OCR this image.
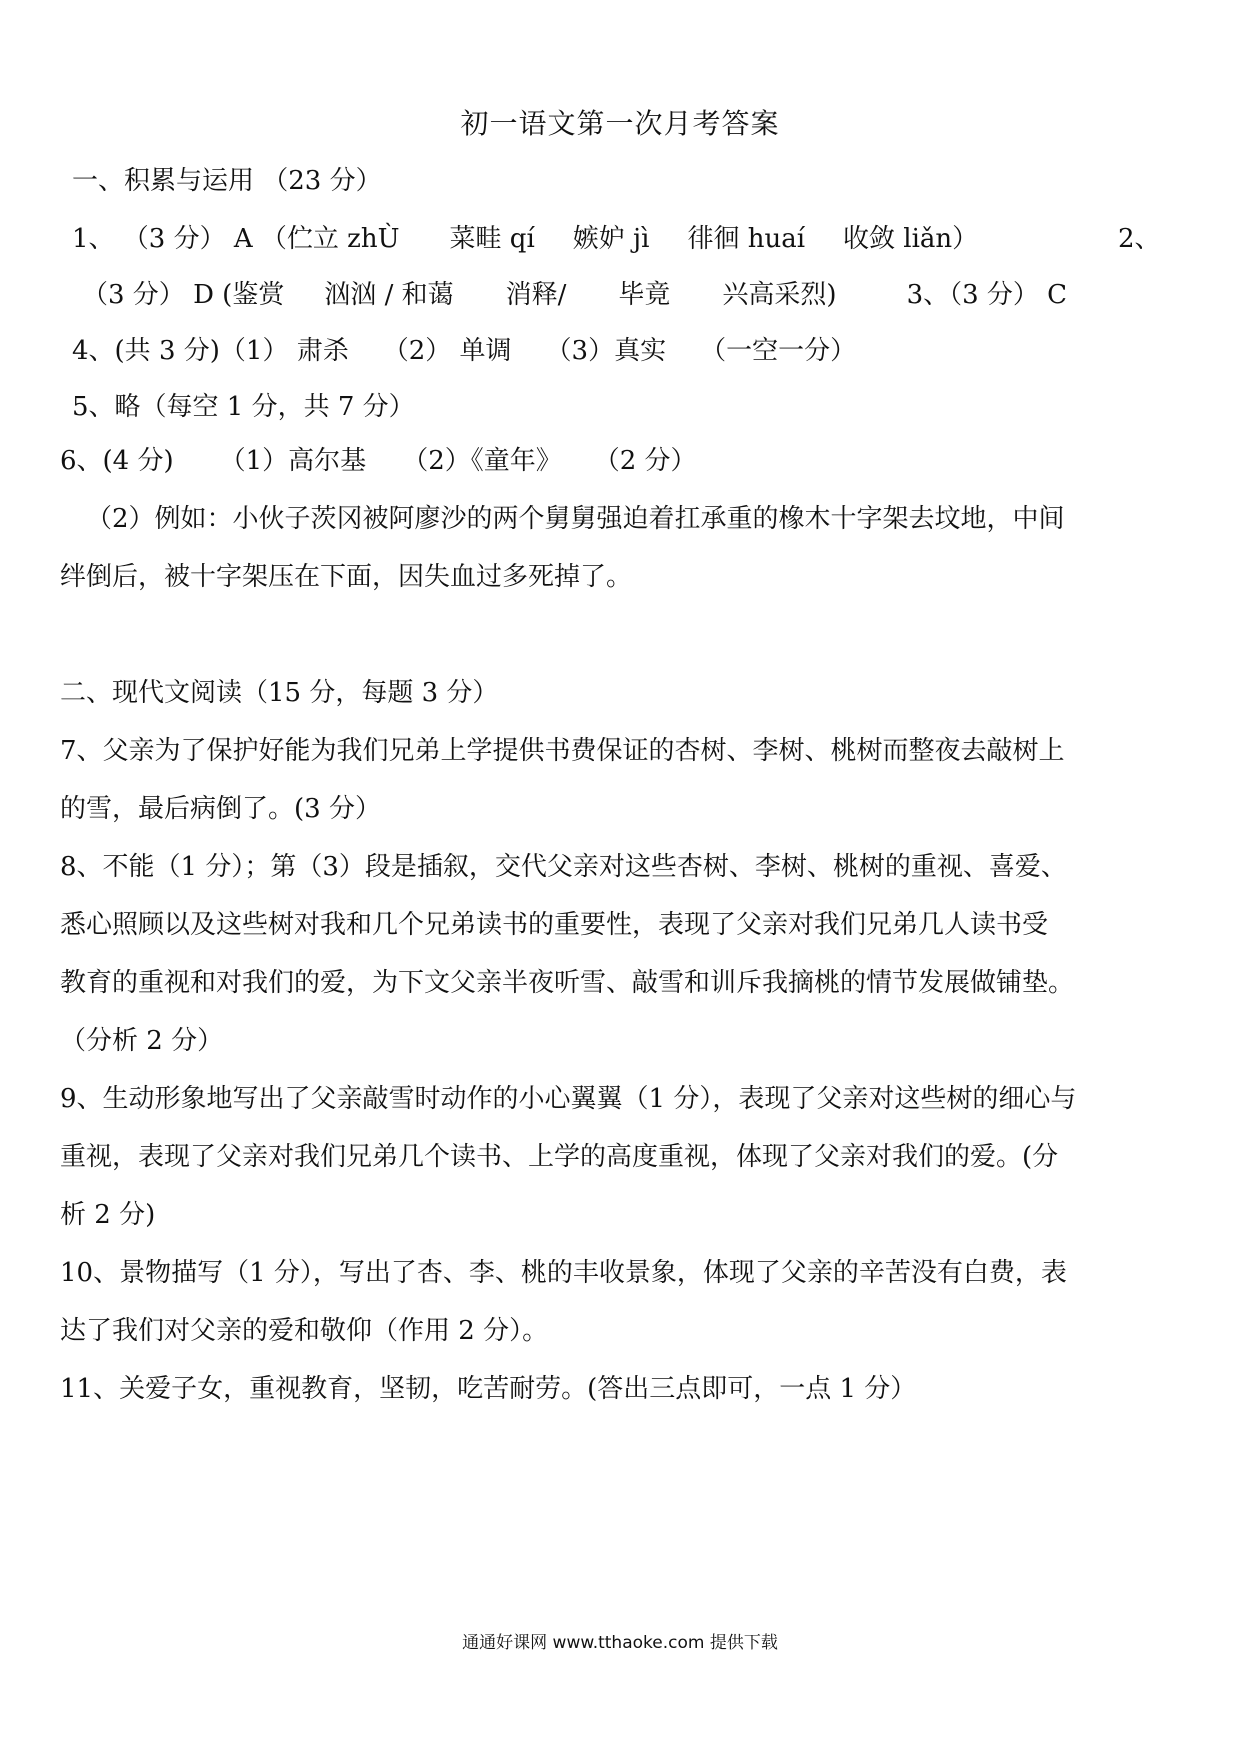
初一语文第一次月考答案
一、积累与运用 （23 分）
1、 （3 分） A （伫立 zhÙ 菜畦 qí 嫉妒 jì 徘徊 huaí 收敛 liǎn）	2、
（3 分） D (鉴赏 汹汹 / 和蔼 消释/ 毕竟 兴高采烈)	3、（3 分） C
4、(共 3 分)（1） 肃杀 （2） 单调 （3）真实 （一空一分）
5、略（每空 1 分，共 7 分）
6、(4 分) （1）高尔基 （2）《童年》 （2 分）
（2）例如：小伙子茨冈被阿廖沙的两个舅舅强迫着扛承重的橡木十字架去坟地，中间
绊倒后，被十字架压在下面，因失血过多死掉了。
二、现代文阅读（15 分，每题 3 分）
7、父亲为了保护好能为我们兄弟上学提供书费保证的杏树、李树、桃树而整夜去敲树上
的雪，最后病倒了。(3 分）
8、不能（1 分）；第（3）段是插叙，交代父亲对这些杏树、李树、桃树的重视、喜爱、
悉心照顾以及这些树对我和几个兄弟读书的重要性，表现了父亲对我们兄弟几人读书受
教育的重视和对我们的爱，为下文父亲半夜听雪、敲雪和训斥我摘桃的情节发展做铺垫。
（分析 2 分）
9、生动形象地写出了父亲敲雪时动作的小心翼翼（1 分），表现了父亲对这些树的细心与
重视，表现了父亲对我们兄弟几个读书、上学的高度重视，体现了父亲对我们的爱。(分
析 2 分)
10、景物描写（1 分），写出了杏、李、桃的丰收景象，体现了父亲的辛苦没有白费，表
达了我们对父亲的爱和敬仰（作用 2 分）。
11、关爱子女，重视教育，坚韧，吃苦耐劳。(答出三点即可，一点 1 分）
通通好课网 www.tthaoke.com 提供下载
